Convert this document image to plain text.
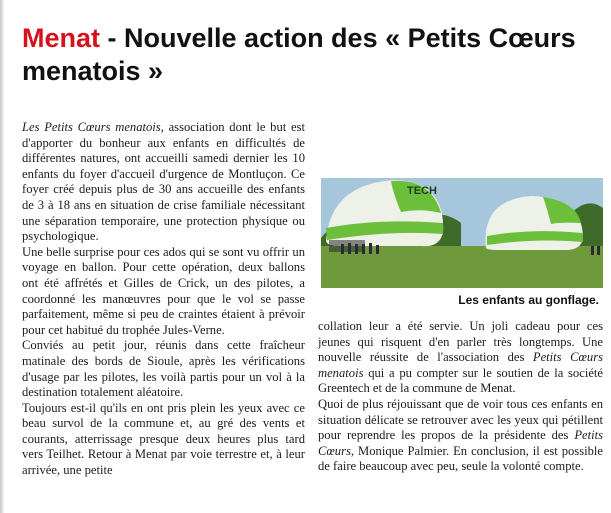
Menat - Nouvelle action des « Petits Cœurs menatois »

Les Petits Cœurs menatois, association dont le but est d'apporter du bonheur aux enfants en difficultés de différentes natures, ont accueilli samedi dernier les 10 enfants du foyer d'accueil d'urgence de Montluçon. Ce foyer créé depuis plus de 30 ans accueille des enfants de 3 à 18 ans en situation de crise familiale nécessitant une séparation temporaire, une protection physique ou psychologique.

Une belle surprise pour ces ados qui se sont vu offrir un voyage en ballon. Pour cette opération, deux ballons ont été affrétés et Gilles de Crick, un des pilotes, a coordonné les manœuvres pour que le vol se passe parfaitement, même si peu de craintes étaient à prévoir pour cet habitué du trophée Jules-Verne.

Conviés au petit jour, réunis dans cette fraîcheur matinale des bords de Sioule, après les vérifications d'usage par les pilotes, les voilà partis pour un vol à la destination totalement aléatoire.

Toujours est-il qu'ils en ont pris plein les yeux avec ce beau survol de la commune et, au gré des vents et courants, atterrissage presque deux heures plus tard vers Teilhet. Retour à Menat par voie terrestre et, à leur arrivée, une petite

TECH
Les enfants au gonflage.

collation leur a été servie. Un joli cadeau pour ces jeunes qui risquent d'en parler très longtemps. Une nouvelle réussite de l'association des Petits Cœurs menatois qui a pu compter sur le soutien de la société Greentech et de la commune de Menat.

Quoi de plus réjouissant que de voir tous ces enfants en situation délicate se retrouver avec les yeux qui pétillent pour reprendre les propos de la présidente des Petits Cœurs, Monique Palmier. En conclusion, il est possible de faire beaucoup avec peu, seule la volonté compte.
